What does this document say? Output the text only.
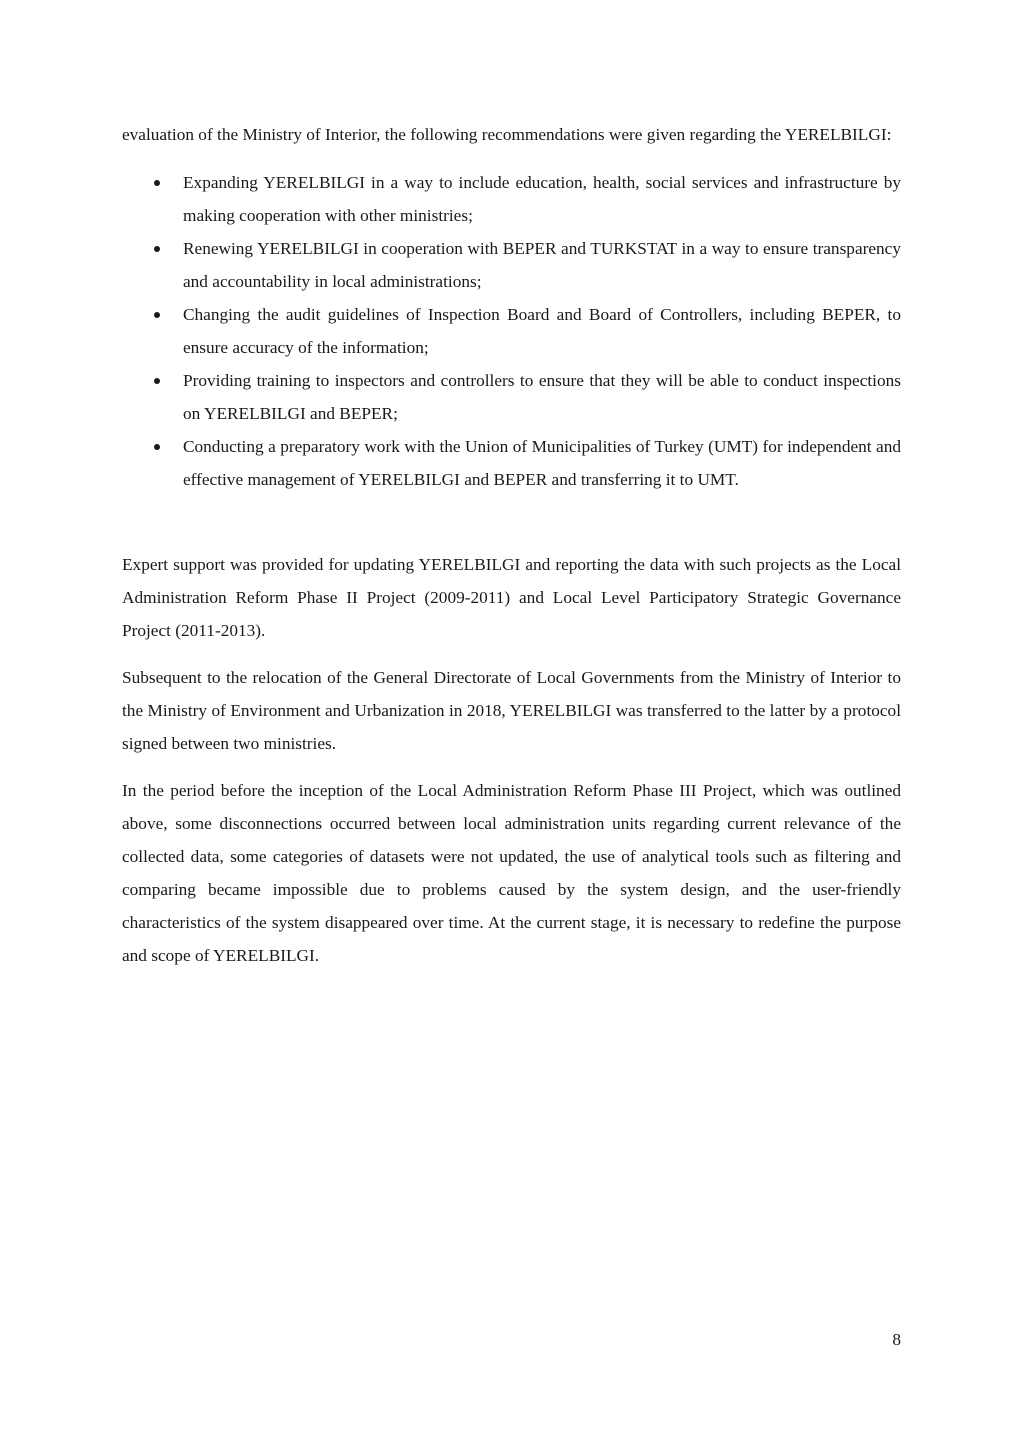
evaluation of the Ministry of Interior, the following recommendations were given regarding the YERELBILGI:

Expanding YERELBILGI in a way to include education, health, social services and infrastructure by making cooperation with other ministries;
Renewing YERELBILGI in cooperation with BEPER and TURKSTAT in a way to ensure transparency and accountability in local administrations;
Changing the audit guidelines of Inspection Board and Board of Controllers, including BEPER, to ensure accuracy of the information;
Providing training to inspectors and controllers to ensure that they will be able to conduct inspections on YERELBILGI and BEPER;
Conducting a preparatory work with the Union of Municipalities of Turkey (UMT) for independent and effective management of YERELBILGI and BEPER and transferring it to UMT.

Expert support was provided for updating YERELBILGI and reporting the data with such projects as the Local Administration Reform Phase II Project (2009-2011) and Local Level Participatory Strategic Governance Project (2011-2013).

Subsequent to the relocation of the General Directorate of Local Governments from the Ministry of Interior to the Ministry of Environment and Urbanization in 2018, YERELBILGI was transferred to the latter by a protocol signed between two ministries.

In the period before the inception of the Local Administration Reform Phase III Project, which was outlined above, some disconnections occurred between local administration units regarding current relevance of the collected data, some categories of datasets were not updated, the use of analytical tools such as filtering and comparing became impossible due to problems caused by the system design, and the user-friendly characteristics of the system disappeared over time. At the current stage, it is necessary to redefine the purpose and scope of YERELBILGI.

8
